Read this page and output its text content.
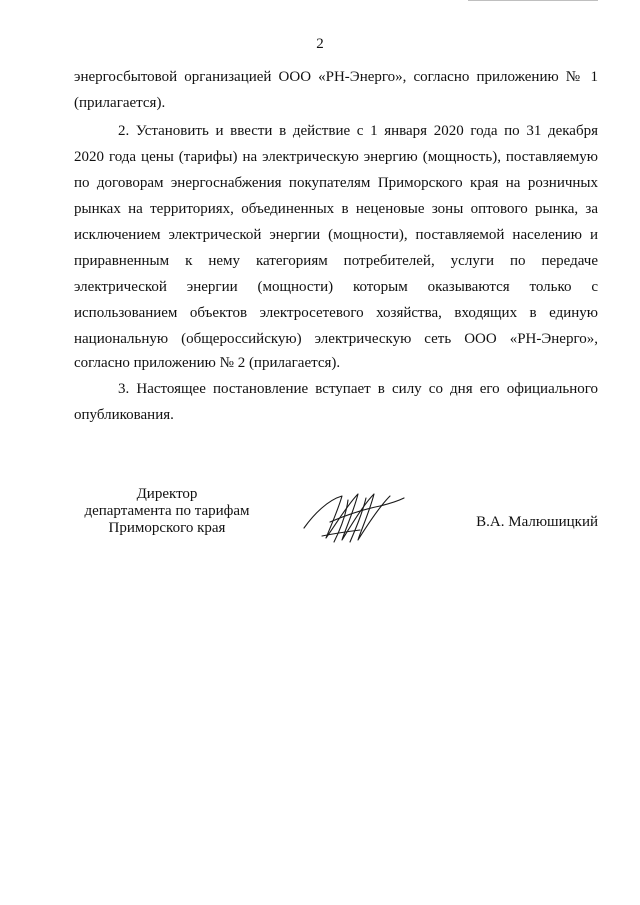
2
энергосбытовой организацией ООО «РН-Энерго», согласно приложению № 1
(прилагается).
2. Установить и ввести в действие с 1 января 2020 года по 31 декабря
2020 года цены (тарифы) на электрическую энергию (мощность), поставляемую
по договорам энергоснабжения покупателям Приморского края на розничных
рынках на территориях, объединенных в неценовые зоны оптового рынка, за
исключением электрической энергии (мощности), поставляемой населению и
приравненным к нему категориям потребителей, услуги по передаче
электрической энергии (мощности) которым оказываются только с
использованием объектов электросетевого хозяйства, входящих в единую
национальную (общероссийскую) электрическую сеть ООО «РН-Энерго»,
согласно приложению № 2 (прилагается).
3. Настоящее постановление вступает в силу со дня его официального
опубликования.
Директор
департамента по тарифам
Приморского края	В.А. Малюшицкий
